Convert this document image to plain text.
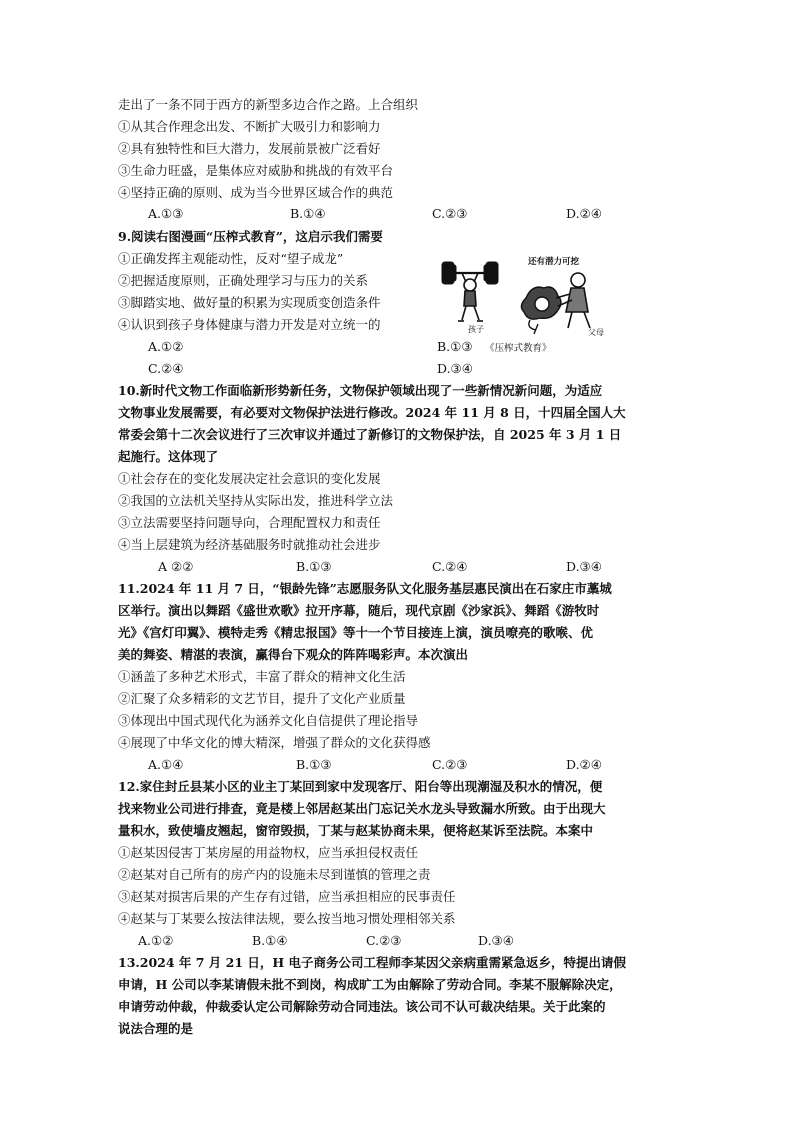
走出了一条不同于西方的新型多边合作之路。上合组织
①从其合作理念出发、不断扩大吸引力和影响力
②具有独特性和巨大潜力，发展前景被广泛看好
③生命力旺盛，是集体应对威胁和挑战的有效平台
④坚持正确的原则、成为当今世界区域合作的典范
A.①③	B.①④	C.②③	D.②④
9.阅读右图漫画“压榨式教育”，这启示我们需要
①正确发挥主观能动性，反对“望子成龙”
②把握适度原则，正确处理学习与压力的关系
③脚踏实地、做好量的积累为实现质变创造条件
④认识到孩子身体健康与潜力开发是对立统一的
A.①②	B.①③ 《压榨式教育》
C.②④	D.③④
孩子
还有潜力可挖
父母
10.新时代文物工作面临新形势新任务，文物保护领域出现了一些新情况新问题，为适应
文物事业发展需要，有必要对文物保护法进行修改。2024 年 11 月 8 日，十四届全国人大
常委会第十二次会议进行了三次审议并通过了新修订的文物保护法，自 2025 年 3 月 1 日
起施行。这体现了
①社会存在的变化发展决定社会意识的变化发展
②我国的立法机关坚持从实际出发，推进科学立法
③立法需要坚持问题导向，合理配置权力和责任
④当上层建筑为经济基础服务时就推动社会进步
A ②②	B.①③	C.②④	D.③④
11.2024 年 11 月 7 日，“银龄先锋”志愿服务队文化服务基层惠民演出在石家庄市藁城
区举行。演出以舞蹈《盛世欢歌》拉开序幕，随后，现代京剧《沙家浜》、舞蹈《游牧时
光》《宫灯印翼》、模特走秀《精忠报国》等十一个节目接连上演，演员嘹亮的歌喉、优
美的舞姿、精湛的表演，赢得台下观众的阵阵喝彩声。本次演出
①涵盖了多种艺术形式，丰富了群众的精神文化生活
②汇聚了众多精彩的文艺节目，提升了文化产业质量
③体现出中国式现代化为涵养文化自信提供了理论指导
④展现了中华文化的博大精深，增强了群众的文化获得感
A.①④	B.①③	C.②③	D.②④
12.家住封丘县某小区的业主丁某回到家中发现客厅、阳台等出现潮湿及积水的情况，便
找来物业公司进行排查，竟是楼上邻居赵某出门忘记关水龙头导致漏水所致。由于出现大
量积水，致使墙皮翘起，窗帘毁损，丁某与赵某协商未果，便将赵某诉至法院。本案中
①赵某因侵害丁某房屋的用益物权，应当承担侵权责任
②赵某对自己所有的房产内的设施未尽到谨慎的管理之责
③赵某对损害后果的产生存有过错，应当承担相应的民事责任
④赵某与丁某要么按法律法规，要么按当地习惯处理相邻关系
A.①②	B.①④	C.②③	D.③④
13.2024 年 7 月 21 日，H 电子商务公司工程师李某因父亲病重需紧急返乡，特提出请假
申请，H 公司以李某请假未批不到岗，构成旷工为由解除了劳动合同。李某不服解除决定，
申请劳动仲裁，仲裁委认定公司解除劳动合同违法。该公司不认可裁决结果。关于此案的
说法合理的是
